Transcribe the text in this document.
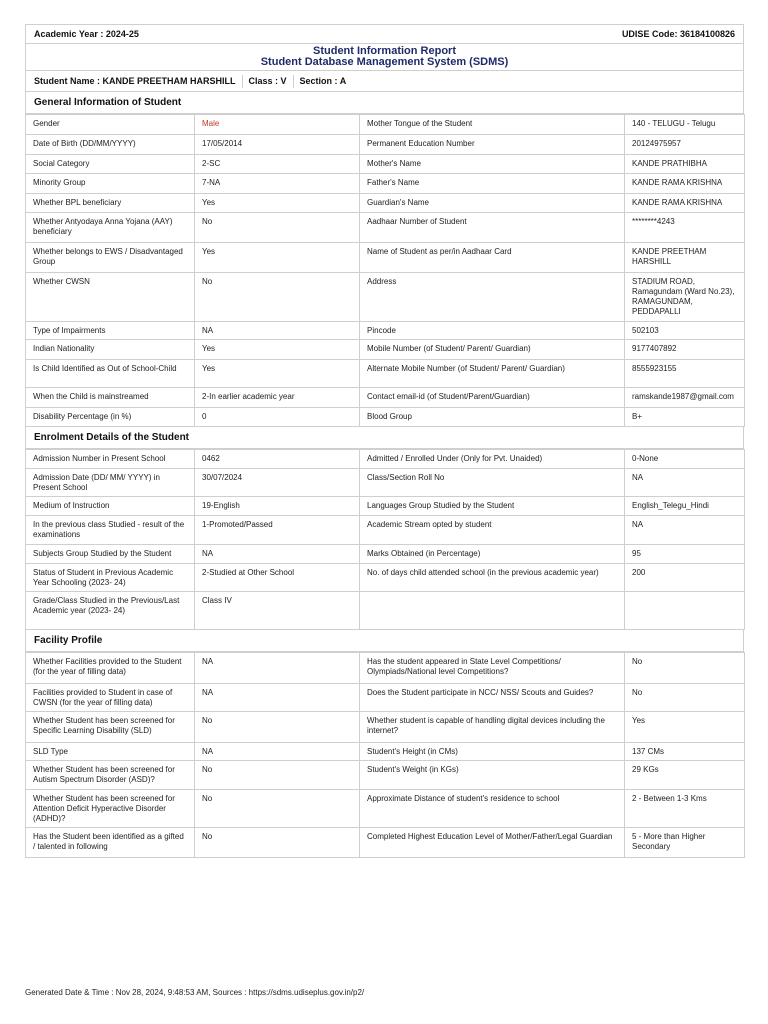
Academic Year : 2024-25	UDISE Code: 36184100826
Student Information Report
Student Database Management System (SDMS)
Student Name : KANDE PREETHAM HARSHILL Class : V Section : A
General Information of Student
Gender	Male	Mother Tongue of the Student	140 - TELUGU - Telugu
Date of Birth (DD/MM/YYYY)	17/05/2014	Permanent Education Number	20124975957
Social Category	2-SC	Mother's Name	KANDE PRATHIBHA
Minority Group	7-NA	Father's Name	KANDE RAMA KRISHNA
Whether BPL beneficiary	Yes	Guardian's Name	KANDE RAMA KRISHNA
Whether Antyodaya Anna Yojana (AAY) beneficiary	No	Aadhaar Number of Student	********4243
Whether belongs to EWS / Disadvantaged Group	Yes	Name of Student as per/in Aadhaar Card	KANDE PREETHAM HARSHILL
Whether CWSN	No	Address	STADIUM ROAD, Ramagundam (Ward No.23), RAMAGUNDAM, PEDDAPALLI
Type of Impairments	NA	Pincode	502103
Indian Nationality	Yes	Mobile Number (of Student/ Parent/ Guardian)	9177407892
Is Child Identified as Out of School-Child	Yes	Alternate Mobile Number (of Student/ Parent/ Guardian)	8555923155
When the Child is mainstreamed	2-In earlier academic year	Contact email-id (of Student/Parent/Guardian)	ramskande1987@gmail.com
Disability Percentage (in %)	0	Blood Group	B+
Enrolment Details of the Student
Admission Number in Present School	0462	Admitted / Enrolled Under (Only for Pvt. Unaided)	0-None
Admission Date (DD/ MM/ YYYY) in Present School	30/07/2024	Class/Section Roll No	NA
Medium of Instruction	19-English	Languages Group Studied by the Student	English_Telegu_Hindi
In the previous class Studied - result of the examinations	1-Promoted/Passed	Academic Stream opted by student	NA
Subjects Group Studied by the Student	NA	Marks Obtained (in Percentage)	95
Status of Student in Previous Academic Year Schooling (2023- 24)	2-Studied at Other School	No. of days child attended school (in the previous academic year)	200
Grade/Class Studied in the Previous/Last Academic year (2023- 24)	Class IV		
Facility Profile
Whether Facilities provided to the Student (for the year of filling data)	NA	Has the student appeared in State Level Competitions/ Olympiads/National level Competitions?	No
Facilities provided to Student in case of CWSN (for the year of filling data)	NA	Does the Student participate in NCC/ NSS/ Scouts and Guides?	No
Whether Student has been screened for Specific Learning Disability (SLD)	No	Whether student is capable of handling digital devices including the internet?	Yes
SLD Type	NA	Student's Height (in CMs)	137 CMs
Whether Student has been screened for Autism Spectrum Disorder (ASD)?	No	Student's Weight (in KGs)	29 KGs
Whether Student has been screened for Attention Deficit Hyperactive Disorder (ADHD)?	No	Approximate Distance of student's residence to school	2 - Between 1-3 Kms
Has the Student been identified as a gifted / talented in following	No	Completed Highest Education Level of Mother/Father/Legal Guardian	5 - More than Higher Secondary
Generated Date & Time : Nov 28, 2024, 9:48:53 AM, Sources : https://sdms.udiseplus.gov.in/p2/
